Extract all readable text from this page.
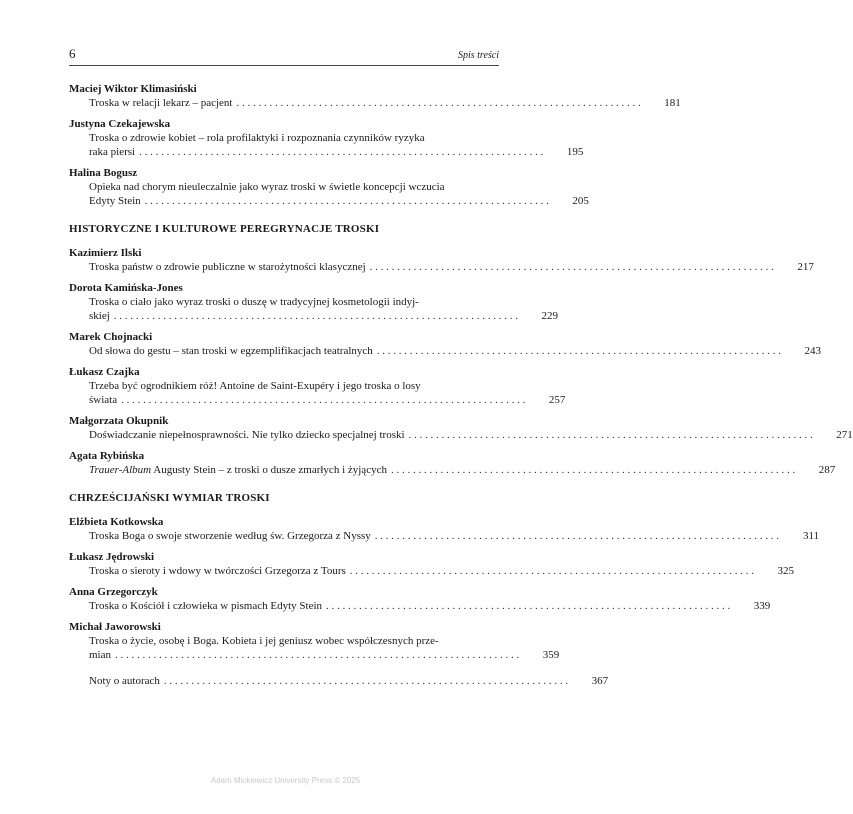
6	Spis treści
Maciej Wiktor Klimasiński
Troska w relacji lekarz – pacjent . . . . . . . . . . . . . . . . . . . . . . . . . . . . . . . . . . . . . . . . . . . . . . . . . . . . . . . . . . . . . . . . . . . . . . . . . .	181
Justyna Czekajewska
Troska o zdrowie kobiet – rola profilaktyki i rozpoznania czynników ryzyka
raka piersi . . . . . . . . . . . . . . . . . . . . . . . . . . . . . . . . . . . . . . . . . . . . . . . . . . . . . . . . . . . . . . . . . . . . . . . . . .	195
Halina Bogusz
Opieka nad chorym nieuleczalnie jako wyraz troski w świetle koncepcji wczucia
Edyty Stein . . . . . . . . . . . . . . . . . . . . . . . . . . . . . . . . . . . . . . . . . . . . . . . . . . . . . . . . . . . . . . . . . . . . . . . . . .	205
HISTORYCZNE I KULTUROWE PEREGRYNACJE TROSKI
Kazimierz Ilski
Troska państw o zdrowie publiczne w starożytności klasycznej . . . . . . . . . . . . . . . . . . . . . . . . . . . . . . . . . . . . . . . . . . . . . . . . . . . . . . . . . . . . . . . . . . . . . . . . . .	217
Dorota Kamińska-Jones
Troska o ciało jako wyraz troski o duszę w tradycyjnej kosmetologii indyj-
skiej . . . . . . . . . . . . . . . . . . . . . . . . . . . . . . . . . . . . . . . . . . . . . . . . . . . . . . . . . . . . . . . . . . . . . . . . . .	229
Marek Chojnacki
Od słowa do gestu – stan troski w egzemplifikacjach teatralnych . . . . . . . . . . . . . . . . . . . . . . . . . . . . . . . . . . . . . . . . . . . . . . . . . . . . . . . . . . . . . . . . . . . . . . . . . .	243
Łukasz Czajka
Trzeba być ogrodnikiem róż! Antoine de Saint-Exupéry i jego troska o losy
świata . . . . . . . . . . . . . . . . . . . . . . . . . . . . . . . . . . . . . . . . . . . . . . . . . . . . . . . . . . . . . . . . . . . . . . . . . .	257
Małgorzata Okupnik
Doświadczanie niepełnosprawności. Nie tylko dziecko specjalnej troski . . . . . . . . . . . . . . . . . . . . . . . . . . . . . . . . . . . . . . . . . . . . . . . . . . . . . . . . . . . . . . . . . . . . . . . . . .	271
Agata Rybińska
Trauer-Album Augusty Stein – z troski o dusze zmarłych i żyjących . . . . . . . . . . . . . . . . . . . . . . . . . . . . . . . . . . . . . . . . . . . . . . . . . . . . . . . . . . . . . . . . . . . . . . . . . .	287
CHRZEŚCIJAŃSKI WYMIAR TROSKI
Elżbieta Kotkowska
Troska Boga o swoje stworzenie według św. Grzegorza z Nyssy . . . . . . . . . . . . . . . . . . . . . . . . . . . . . . . . . . . . . . . . . . . . . . . . . . . . . . . . . . . . . . . . . . . . . . . . . .	311
Łukasz Jędrowski
Troska o sieroty i wdowy w twórczości Grzegorza z Tours . . . . . . . . . . . . . . . . . . . . . . . . . . . . . . . . . . . . . . . . . . . . . . . . . . . . . . . . . . . . . . . . . . . . . . . . . .	325
Anna Grzegorczyk
Troska o Kościół i człowieka w pismach Edyty Stein . . . . . . . . . . . . . . . . . . . . . . . . . . . . . . . . . . . . . . . . . . . . . . . . . . . . . . . . . . . . . . . . . . . . . . . . . .	339
Michał Jaworowski
Troska o życie, osobę i Boga. Kobieta i jej geniusz wobec współczesnych prze-
mian . . . . . . . . . . . . . . . . . . . . . . . . . . . . . . . . . . . . . . . . . . . . . . . . . . . . . . . . . . . . . . . . . . . . . . . . . .	359
Noty o autorach . . . . . . . . . . . . . . . . . . . . . . . . . . . . . . . . . . . . . . . . . . . . . . . . . . . . . . . . . . . . . . . . . . . . . . . . . .	367
Adam Mickiewicz University Press © 2025
